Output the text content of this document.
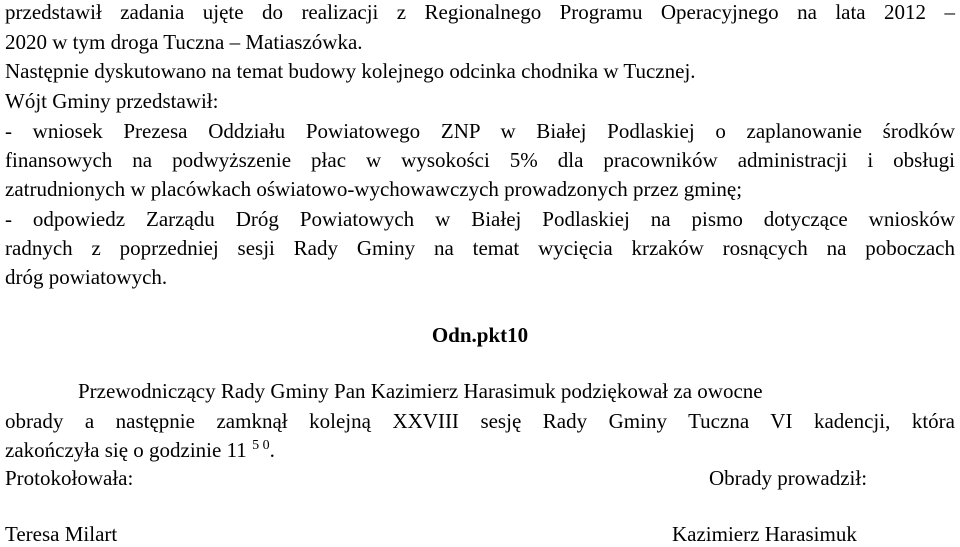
przedstawił zadania ujęte do realizacji z Regionalnego Programu Operacyjnego na lata 2012 –
2020 w tym droga Tuczna – Matiaszówka.
Następnie dyskutowano na temat budowy kolejnego odcinka chodnika w Tucznej.
Wójt Gminy przedstawił:
- wniosek Prezesa Oddziału Powiatowego ZNP w Białej Podlaskiej o zaplanowanie środków
finansowych na podwyższenie płac w wysokości 5% dla pracowników administracji i obsługi
zatrudnionych w placówkach oświatowo-wychowawczych prowadzonych przez gminę;
- odpowiedz Zarządu Dróg Powiatowych w Białej Podlaskiej na pismo dotyczące wniosków
radnych z poprzedniej sesji Rady Gminy na temat wycięcia krzaków rosnących na poboczach
dróg powiatowych.
Odn.pkt10
Przewodniczący Rady Gminy Pan Kazimierz Harasimuk podziękował za owocne
obrady a następnie zamknął kolejną XXVIII sesję Rady Gminy Tuczna VI kadencji, która
zakończyła się o godzinie 11 $^{5 0}$.
Protokołowała:	Obrady prowadził:
Teresa Milart	Kazimierz Harasimuk
